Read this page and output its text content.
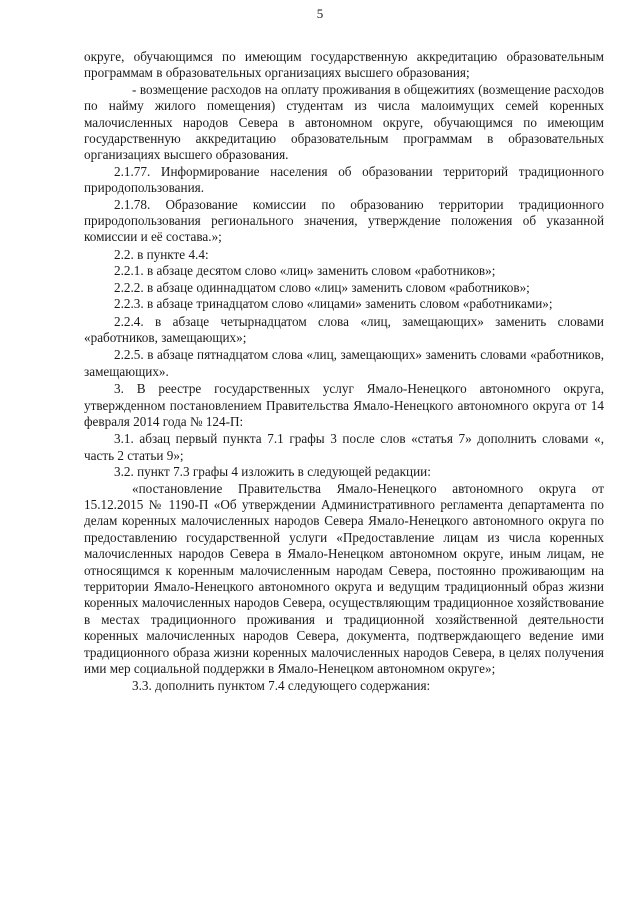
5

округе, обучающимся по имеющим государственную аккредитацию образовательным программам в образовательных организациях высшего образования;

- возмещение расходов на оплату проживания в общежитиях (возмещение расходов по найму жилого помещения) студентам из числа малоимущих семей коренных малочисленных народов Севера в автономном округе, обучающимся по имеющим государственную аккредитацию образовательным программам в образовательных организациях высшего образования.

2.1.77. Информирование населения об образовании территорий традиционного природопользования.

2.1.78. Образование комиссии по образованию территории традиционного природопользования регионального значения, утверждение положения об указанной комиссии и её состава.»;

2.2. в пункте 4.4:

2.2.1. в абзаце десятом слово «лиц» заменить словом «работников»;

2.2.2. в абзаце одиннадцатом слово «лиц» заменить словом «работников»;

2.2.3. в абзаце тринадцатом слово «лицами» заменить словом «работниками»;

2.2.4. в абзаце четырнадцатом слова «лиц, замещающих» заменить словами «работников, замещающих»;

2.2.5. в абзаце пятнадцатом слова «лиц, замещающих» заменить словами «работников, замещающих».

3. В реестре государственных услуг Ямало-Ненецкого автономного округа, утвержденном постановлением Правительства Ямало-Ненецкого автономного округа от 14 февраля 2014 года № 124-П:

3.1. абзац первый пункта 7.1 графы 3 после слов «статья 7» дополнить словами «, часть 2 статьи 9»;

3.2. пункт 7.3 графы 4 изложить в следующей редакции:

«постановление Правительства Ямало-Ненецкого автономного округа от 15.12.2015 № 1190-П «Об утверждении Административного регламента департамента по делам коренных малочисленных народов Севера Ямало-Ненецкого автономного округа по предоставлению государственной услуги «Предоставление лицам из числа коренных малочисленных народов Севера в Ямало-Ненецком автономном округе, иным лицам, не относящимся к коренным малочисленным народам Севера, постоянно проживающим на территории Ямало-Ненецкого автономного округа и ведущим традиционный образ жизни коренных малочисленных народов Севера, осуществляющим традиционное хозяйствование в местах традиционного проживания и традиционной хозяйственной деятельности коренных малочисленных народов Севера, документа, подтверждающего ведение ими традиционного образа жизни коренных малочисленных народов Севера, в целях получения ими мер социальной поддержки в Ямало-Ненецком автономном округе»;

3.3. дополнить пунктом 7.4 следующего содержания:
